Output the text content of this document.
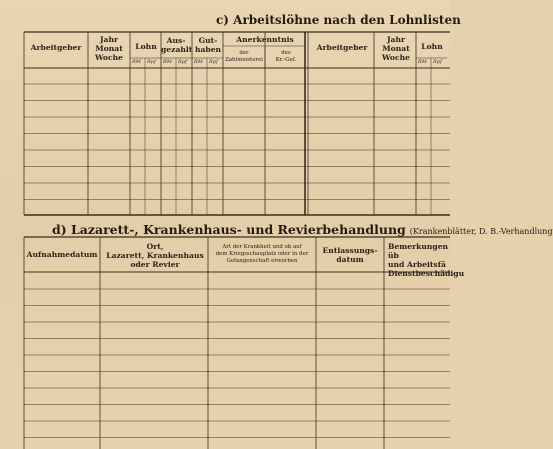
c) Arbeitslöhne nach den Lohnlisten
Arbeitgeber
Jahr
Monat
Woche
Lohn
Aus-
gezahlt
Gut-
haben
Anerkenntnis
der
Zahlmeisterei
des
Kr.-Gef.
Arbeitgeber
Jahr
Monat
Woche
Lohn
RM Rpf RM Rpf RM Rpf	RM Rpf
d) Lazarett-, Krankenhaus- und Revierbehandlung (Krankenblätter, D. B.-Verhandlung
Aufnahmedatum
Ort,
Lazarett, Krankenhaus
oder Revier
Art der Krankheit und ob auf
dem Kriegsschauplatz oder in der
Gefangenschaft erworben
Entlassungs-
datum
Bemerkungen üb
und Arbeitsfä
Dienstbeschädigu
